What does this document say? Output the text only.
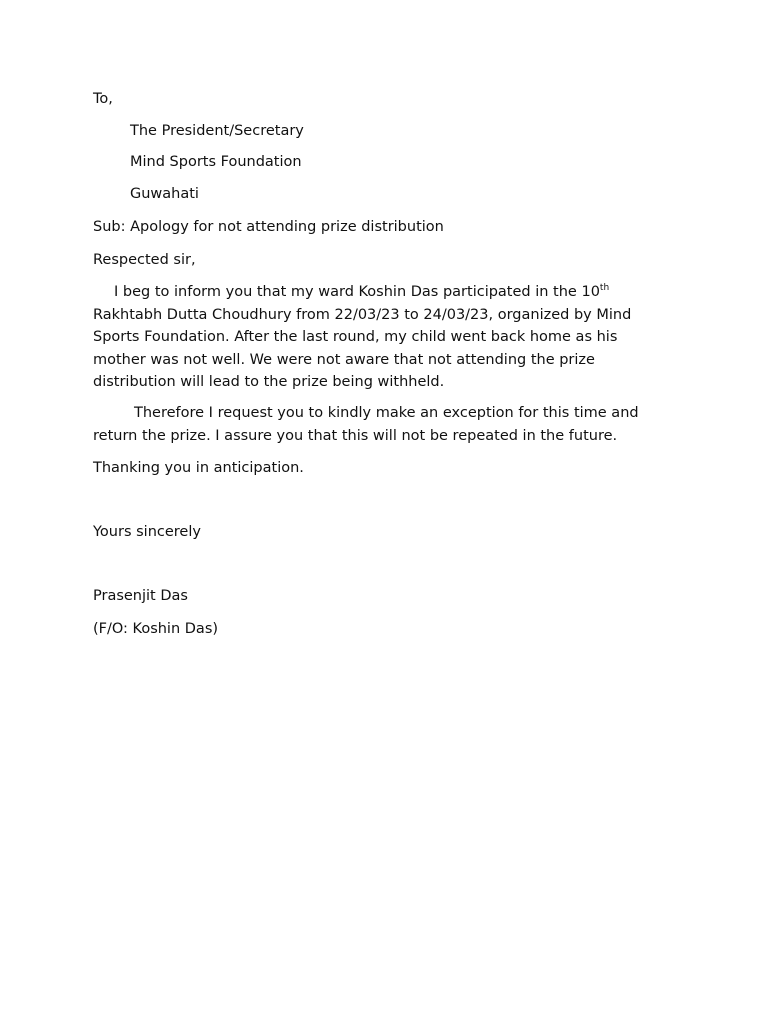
To,

The President/Secretary

Mind Sports Foundation

Guwahati

Sub: Apology for not attending prize distribution

Respected sir,

I beg to inform you that my ward Koshin Das participated in the 10th
Rakhtabh Dutta Choudhury from 22/03/23 to 24/03/23, organized by Mind
Sports Foundation. After the last round, my child went back home as his
mother was not well. We were not aware that not attending the prize
distribution will lead to the prize being withheld.
Therefore I request you to kindly make an exception for this time and
return the prize. I assure you that this will not be repeated in the future.

Thanking you in anticipation.

Yours sincerely

Prasenjit Das

(F/O: Koshin Das)
